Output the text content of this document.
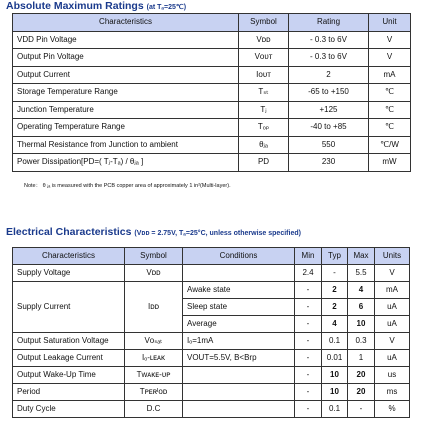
Absolute Maximum Ratings (at Tₐ=25℃)
Characteristics	Symbol	Rating	Unit
VDD Pin Voltage	Vᴅᴅ	- 0.3 to 6V	V
Output Pin Voltage	Vᴏᴜᴛ	- 0.3 to 6V	V
Output Current	Iᴏᴜᴛ	2	mA
Storage Temperature Range	Tₛₜ	-65 to +150	℃
Junction Temperature	Tⱼ	+125	℃
Operating Temperature Range	Tₒₚ	-40 to +85	℃
Thermal Resistance from Junction to ambient	θⱼₐ	550	℃/W
Power Dissipation[PD=( Tⱼ-Tₐ) / θⱼₐ ]	PD	230	mW
Note： θ ⱼₐ is measured with the PCB copper area of approximately 1 in²(Multi-layer).
Electrical Characteristics (Vᴅᴅ = 2.75V, Tₐ=25°C, unless otherwise specified)
Characteristics	Symbol	Conditions	Min	Typ	Max	Units
Supply Voltage	Vᴅᴅ		2.4	-	5.5	V
Supply Current	Iᴅᴅ	Awake state	-	2	4	mA
		Sleep state	-	2	6	uA
		Average	-	4	10	uA
Output Saturation Voltage	Vᴏₛₐₜ	Iₒ=1mA	-	0.1	0.3	V
Output Leakage Current	Iₒ-ʟᴇᴀᴋ	VOUT=5.5V, B<Brp	-	0.01	1	uA
Output Wake-Up Time	Tᴡᴀᴋᴇ-ᴜᴘ		-	10	20	us
Period	Tᴘᴇʀᴵᴏᴅ		-	10	20	ms
Duty Cycle	D.C		-	0.1	-	%
